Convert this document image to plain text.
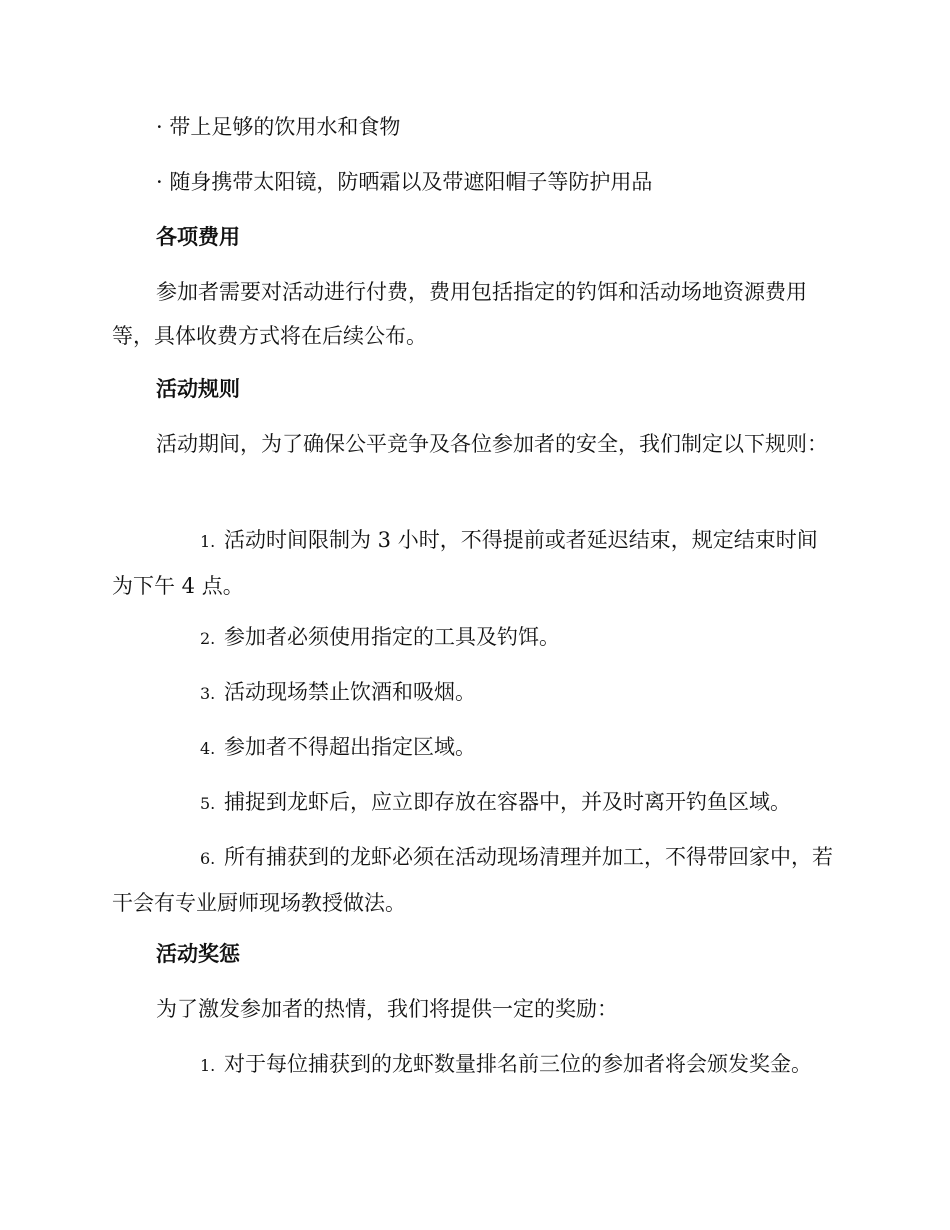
· 带上足够的饮用水和食物

· 随身携带太阳镜，防晒霜以及带遮阳帽子等防护用品

各项费用

参加者需要对活动进行付费，费用包括指定的钓饵和活动场地资源费用等，具体收费方式将在后续公布。

活动规则

活动期间，为了确保公平竞争及各位参加者的安全，我们制定以下规则：

1. 活动时间限制为 3 小时，不得提前或者延迟结束，规定结束时间为下午 4 点。

2. 参加者必须使用指定的工具及钓饵。

3. 活动现场禁止饮酒和吸烟。

4. 参加者不得超出指定区域。

5. 捕捉到龙虾后，应立即存放在容器中，并及时离开钓鱼区域。

6. 所有捕获到的龙虾必须在活动现场清理并加工，不得带回家中，若干会有专业厨师现场教授做法。

活动奖惩

为了激发参加者的热情，我们将提供一定的奖励：

1. 对于每位捕获到的龙虾数量排名前三位的参加者将会颁发奖金。
